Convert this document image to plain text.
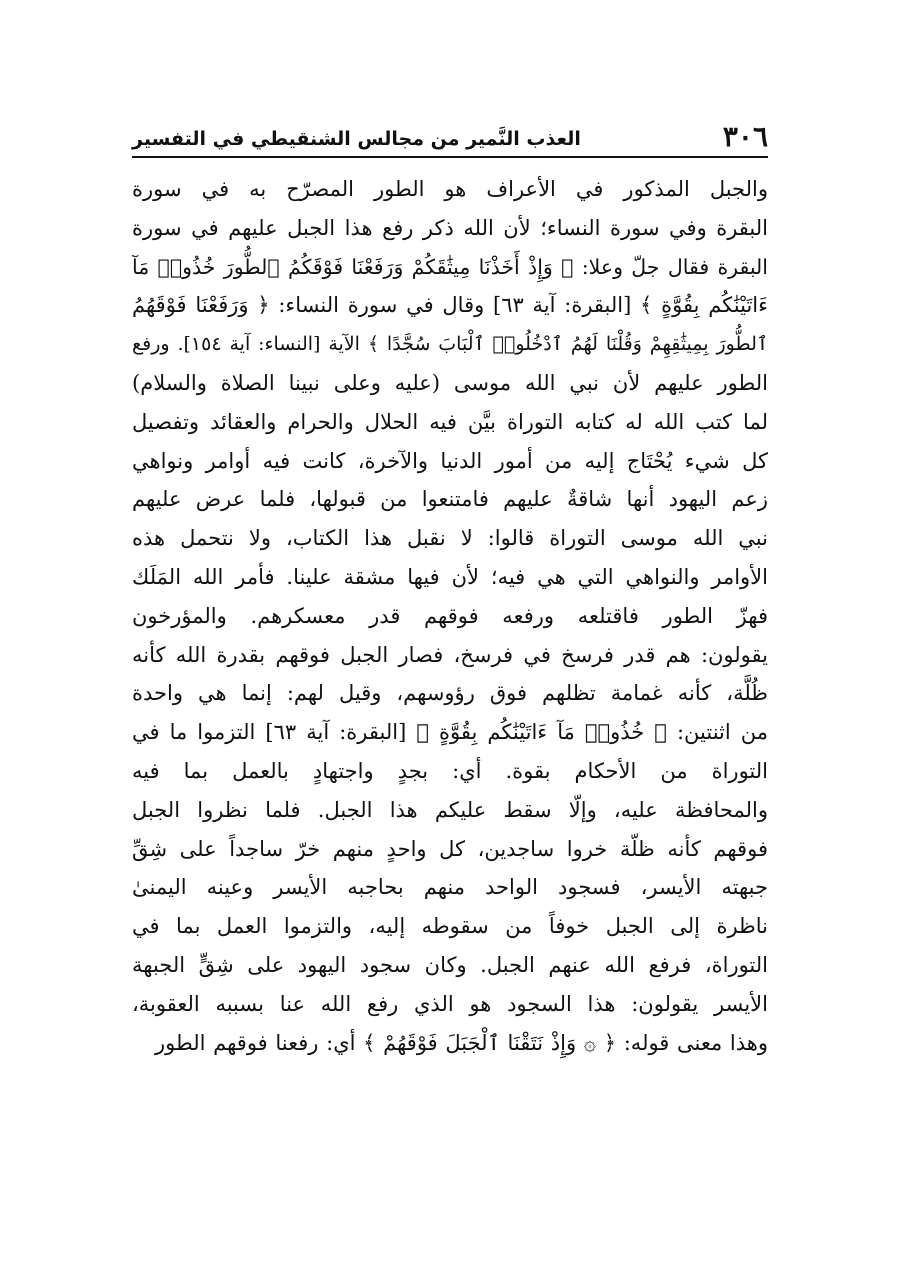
٣٠٦
العذب النَّمير من مجالس الشنقيطي في التفسير

والجبل المذكور في الأعراف هو الطور المصرّح به في سورة

البقرة وفي سورة النساء؛ لأن الله ذكر رفع هذا الجبل عليهم في سورة

البقرة فقال جلّ وعلا: ﴿ وَإِذْ أَخَذْنَا مِيثَٰقَكُمْ وَرَفَعْنَا فَوْقَكُمُ ٱلطُّورَ خُذُوا۟ مَآ

ءَاتَيْنَٰكُم بِقُوَّةٍ ﴾ [البقرة: آية ٦٣] وقال في سورة النساء: ﴿ وَرَفَعْنَا فَوْقَهُمُ

ٱلطُّورَ بِمِيثَٰقِهِمْ وَقُلْنَا لَهُمُ ٱدْخُلُوا۟ ٱلْبَابَ سُجَّدًا ﴾ الآية [النساء: آية ١٥٤]. ورفع

الطور عليهم لأن نبي الله موسى (عليه وعلى نبينا الصلاة والسلام)

لما كتب الله له كتابه التوراة بيَّن فيه الحلال والحرام والعقائد وتفصيل

كل شيء يُحْتَاج إليه من أمور الدنيا والآخرة، كانت فيه أوامر ونواهي

زعم اليهود أنها شاقةٌ عليهم فامتنعوا من قبولها، فلما عرض عليهم

نبي الله موسى التوراة قالوا: لا نقبل هذا الكتاب، ولا نتحمل هذه

الأوامر والنواهي التي هي فيه؛ لأن فيها مشقة علينا. فأمر الله المَلَك

فهزّ الطور فاقتلعه ورفعه فوقهم قدر معسكرهم. والمؤرخون

يقولون: هم قدر فرسخ في فرسخ، فصار الجبل فوقهم بقدرة الله كأنه

ظُلَّة، كأنه غمامة تظلهم فوق رؤوسهم، وقيل لهم: إنما هي واحدة

من اثنتين: ﴿ خُذُوا۟ مَآ ءَاتَيْنَٰكُم بِقُوَّةٍ ﴾ [البقرة: آية ٦٣] التزموا ما في

التوراة من الأحكام بقوة. أي: بجدٍ واجتهادٍ بالعمل بما فيه

والمحافظة عليه، وإلّا سقط عليكم هذا الجبل. فلما نظروا الجبل

فوقهم كأنه ظلّة خروا ساجدين، كل واحدٍ منهم خرّ ساجداً على شِقِّ

جبهته الأيسر، فسجود الواحد منهم بحاجبه الأيسر وعينه اليمنىٰ

ناظرة إلى الجبل خوفاً من سقوطه إليه، والتزموا العمل بما في

التوراة، فرفع الله عنهم الجبل. وكان سجود اليهود على شِقٍّ الجبهة

الأيسر يقولون: هذا السجود هو الذي رفع الله عنا بسببه العقوبة،

وهذا معنى قوله: ﴿ ۞ وَإِذْ نَتَقْنَا ٱلْجَبَلَ فَوْقَهُمْ ﴾ أي: رفعنا فوقهم الطور
